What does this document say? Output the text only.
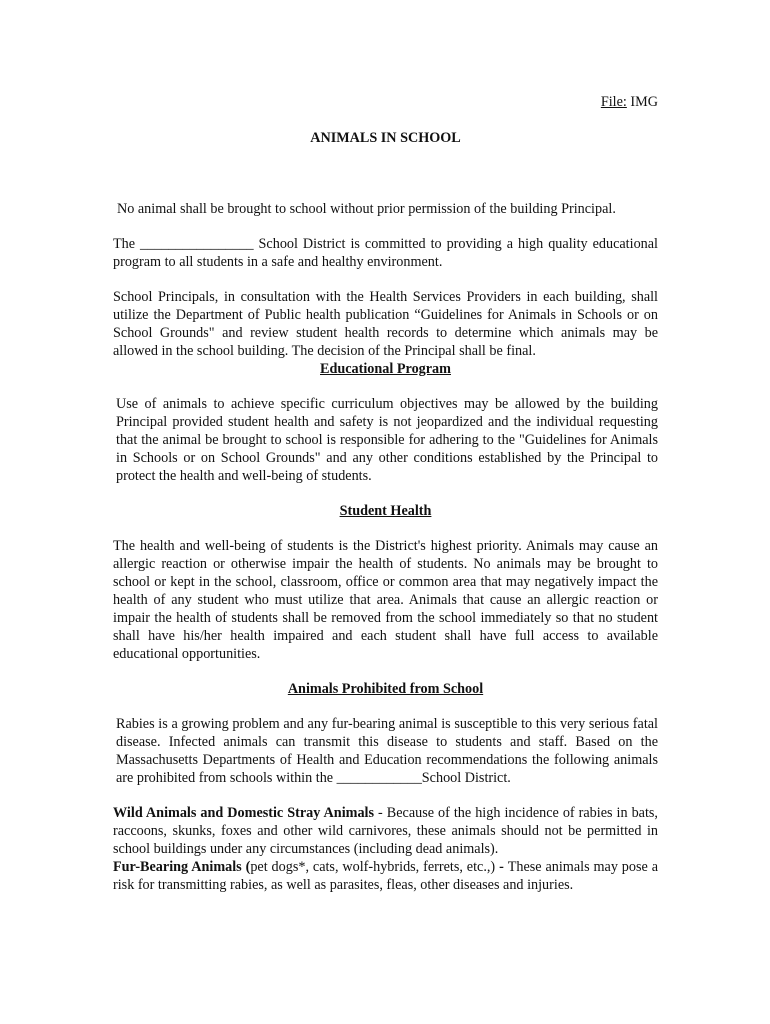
File: IMG

ANIMALS IN SCHOOL

No animal shall be brought to school without prior permission of the building Principal.

The ________________ School District is committed to providing a high quality educational program to all students in a safe and healthy environment.

School Principals, in consultation with the Health Services Providers in each building, shall utilize the Department of Public health publication “Guidelines for Animals in Schools or on School Grounds" and review student health records to determine which animals may be allowed in the school building. The decision of the Principal shall be final.

Educational Program

Use of animals to achieve specific curriculum objectives may be allowed by the building Principal provided student health and safety is not jeopardized and the individual requesting that the animal be brought to school is responsible for adhering to the "Guidelines for Animals in Schools or on School Grounds" and any other conditions established by the Principal to protect the health and well-being of students.

Student Health

The health and well-being of students is the District's highest priority. Animals may cause an allergic reaction or otherwise impair the health of students. No animals may be brought to school or kept in the school, classroom, office or common area that may negatively impact the health of any student who must utilize that area. Animals that cause an allergic reaction or impair the health of students shall be removed from the school immediately so that no student shall have his/her health impaired and each student shall have full access to available educational opportunities.

Animals Prohibited from School

Rabies is a growing problem and any fur-bearing animal is susceptible to this very serious fatal disease. Infected animals can transmit this disease to students and staff. Based on the Massachusetts Departments of Health and Education recommendations the following animals are prohibited from schools within the ____________School District.

Wild Animals and Domestic Stray Animals - Because of the high incidence of rabies in bats, raccoons, skunks, foxes and other wild carnivores, these animals should not be permitted in school buildings under any circumstances (including dead animals).

Fur-Bearing Animals (pet dogs*, cats, wolf-hybrids, ferrets, etc.,) - These animals may pose a risk for transmitting rabies, as well as parasites, fleas, other diseases and injuries.
